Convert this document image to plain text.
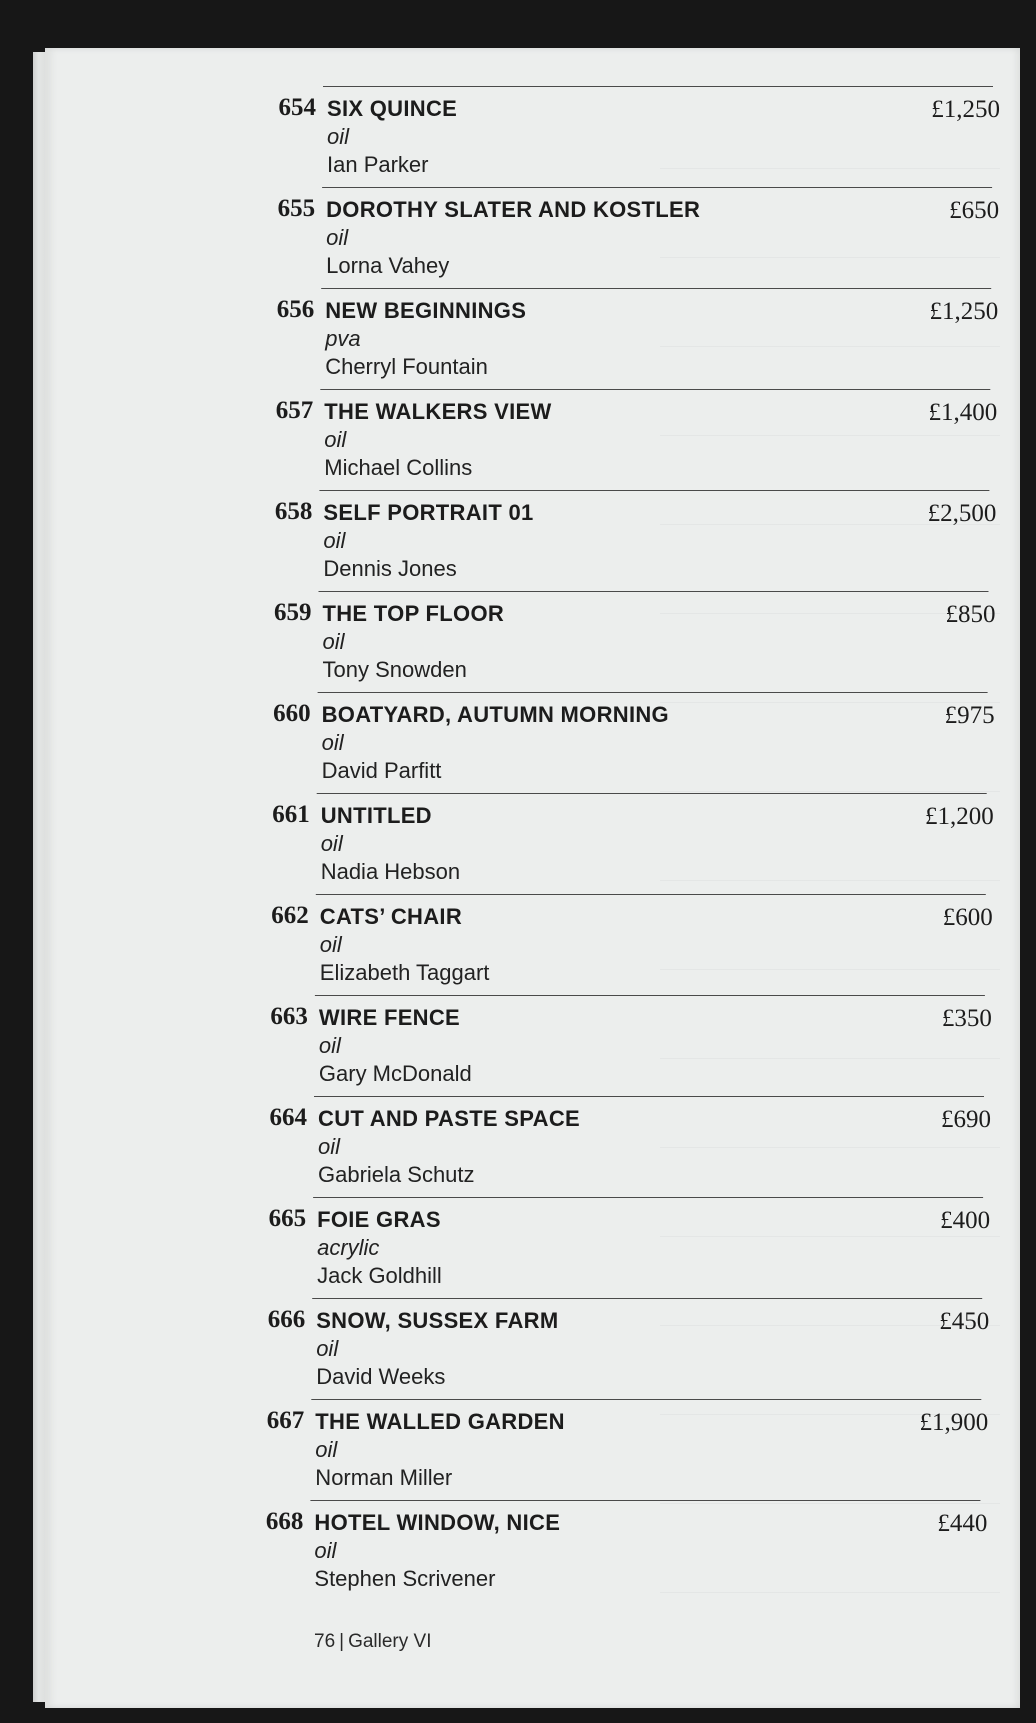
654 SIX QUINCE
oil
Ian Parker
£1,250
655 DOROTHY SLATER AND KOSTLER
oil
Lorna Vahey
£650
656 NEW BEGINNINGS
pva
Cherryl Fountain
£1,250
657 THE WALKERS VIEW
oil
Michael Collins
£1,400
658 SELF PORTRAIT 01
oil
Dennis Jones
£2,500
659 THE TOP FLOOR
oil
Tony Snowden
£850
660 BOATYARD, AUTUMN MORNING
oil
David Parfitt
£975
661 UNTITLED
oil
Nadia Hebson
£1,200
662 CATS’ CHAIR
oil
Elizabeth Taggart
£600
663 WIRE FENCE
oil
Gary McDonald
£350
664 CUT AND PASTE SPACE
oil
Gabriela Schutz
£690
665 FOIE GRAS
acrylic
Jack Goldhill
£400
666 SNOW, SUSSEX FARM
oil
David Weeks
£450
667 THE WALLED GARDEN
oil
Norman Miller
£1,900
668 HOTEL WINDOW, NICE
oil
Stephen Scrivener
£440
76 | Gallery VI
